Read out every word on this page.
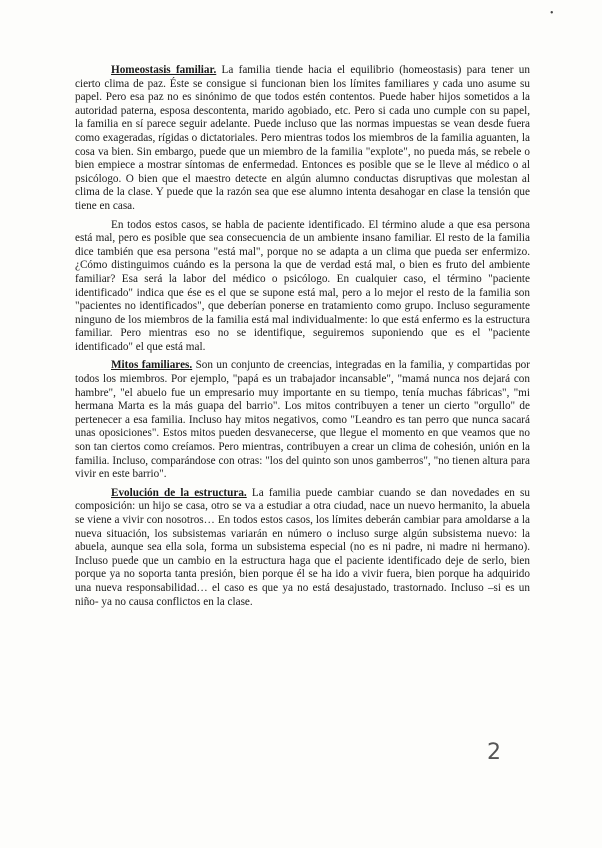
•

Homeostasis familiar. La familia tiende hacia el equilibrio (homeostasis) para tener un cierto clima de paz. Éste se consigue si funcionan bien los límites familiares y cada uno asume su papel. Pero esa paz no es sinónimo de que todos estén contentos. Puede haber hijos sometidos a la autoridad paterna, esposa descontenta, marido agobiado, etc. Pero si cada uno cumple con su papel, la familia en sí parece seguir adelante. Puede incluso que las normas impuestas se vean desde fuera como exageradas, rígidas o dictatoriales. Pero mientras todos los miembros de la familia aguanten, la cosa va bien. Sin embargo, puede que un miembro de la familia "explote", no pueda más, se rebele o bien empiece a mostrar síntomas de enfermedad. Entonces es posible que se le lleve al médico o al psicólogo. O bien que el maestro detecte en algún alumno conductas disruptivas que molestan al clima de la clase. Y puede que la razón sea que ese alumno intenta desahogar en clase la tensión que tiene en casa.

En todos estos casos, se habla de paciente identificado. El término alude a que esa persona está mal, pero es posible que sea consecuencia de un ambiente insano familiar. El resto de la familia dice también que esa persona "está mal", porque no se adapta a un clima que pueda ser enfermizo. ¿Cómo distinguimos cuándo es la persona la que de verdad está mal, o bien es fruto del ambiente familiar? Esa será la labor del médico o psicólogo. En cualquier caso, el término "paciente identificado" indica que ése es el que se supone está mal, pero a lo mejor el resto de la familia son "pacientes no identificados", que deberían ponerse en tratamiento como grupo. Incluso seguramente ninguno de los miembros de la familia está mal individualmente: lo que está enfermo es la estructura familiar. Pero mientras eso no se identifique, seguiremos suponiendo que es el "paciente identificado" el que está mal.

Mitos familiares. Son un conjunto de creencias, integradas en la familia, y compartidas por todos los miembros. Por ejemplo, "papá es un trabajador incansable", "mamá nunca nos dejará con hambre", "el abuelo fue un empresario muy importante en su tiempo, tenía muchas fábricas", "mi hermana Marta es la más guapa del barrio". Los mitos contribuyen a tener un cierto "orgullo" de pertenecer a esa familia. Incluso hay mitos negativos, como "Leandro es tan perro que nunca sacará unas oposiciones". Estos mitos pueden desvanecerse, que llegue el momento en que veamos que no son tan ciertos como creíamos. Pero mientras, contribuyen a crear un clima de cohesión, unión en la familia. Incluso, comparándose con otras: "los del quinto son unos gamberros", "no tienen altura para vivir en este barrio".

Evolución de la estructura. La familia puede cambiar cuando se dan novedades en su composición: un hijo se casa, otro se va a estudiar a otra ciudad, nace un nuevo hermanito, la abuela se viene a vivir con nosotros… En todos estos casos, los límites deberán cambiar para amoldarse a la nueva situación, los subsistemas variarán en número o incluso surge algún subsistema nuevo: la abuela, aunque sea ella sola, forma un subsistema especial (no es ni padre, ni madre ni hermano). Incluso puede que un cambio en la estructura haga que el paciente identificado deje de serlo, bien porque ya no soporta tanta presión, bien porque él se ha ido a vivir fuera, bien porque ha adquirido una nueva responsabilidad… el caso es que ya no está desajustado, trastornado. Incluso –si es un niño- ya no causa conflictos en la clase.

2
